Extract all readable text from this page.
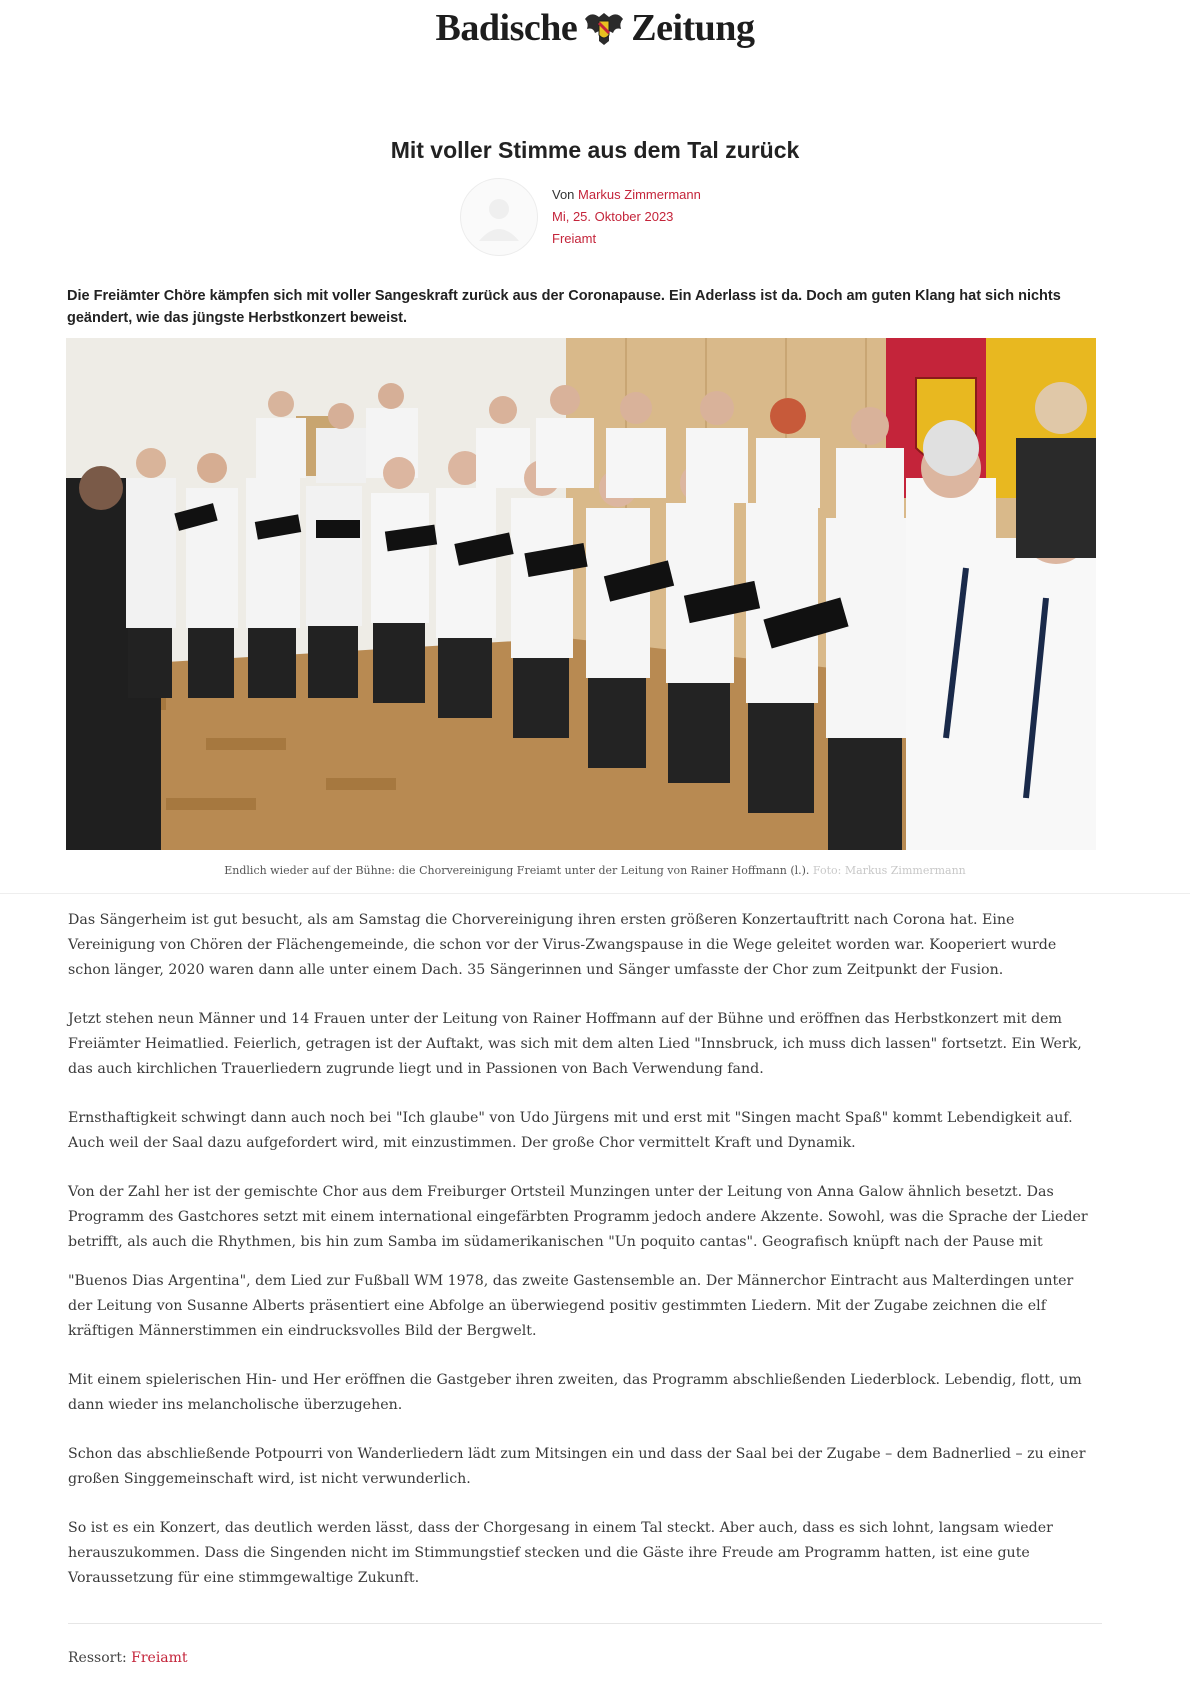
Badische Zeitung
Mit voller Stimme aus dem Tal zurück
Von Markus Zimmermann
Mi, 25. Oktober 2023
Freiamt

Die Freiämter Chöre kämpfen sich mit voller Sangeskraft zurück aus der Coronapause. Ein Aderlass ist da. Doch am guten Klang hat sich nichts geändert, wie das jüngste Herbstkonzert beweist.

Endlich wieder auf der Bühne: die Chorvereinigung Freiamt unter der Leitung von Rainer Hoffmann (l.). Foto: Markus Zimmermann

Das Sängerheim ist gut besucht, als am Samstag die Chorvereinigung ihren ersten größeren Konzertauftritt nach Corona hat. Eine Vereinigung von Chören der Flächengemeinde, die schon vor der Virus-Zwangspause in die Wege geleitet worden war. Kooperiert wurde schon länger, 2020 waren dann alle unter einem Dach. 35 Sängerinnen und Sänger umfasste der Chor zum Zeitpunkt der Fusion.

Jetzt stehen neun Männer und 14 Frauen unter der Leitung von Rainer Hoffmann auf der Bühne und eröffnen das Herbstkonzert mit dem Freiämter Heimatlied. Feierlich, getragen ist der Auftakt, was sich mit dem alten Lied "Innsbruck, ich muss dich lassen" fortsetzt. Ein Werk, das auch kirchlichen Trauerliedern zugrunde liegt und in Passionen von Bach Verwendung fand.

Ernsthaftigkeit schwingt dann auch noch bei "Ich glaube" von Udo Jürgens mit und erst mit "Singen macht Spaß" kommt Lebendigkeit auf. Auch weil der Saal dazu aufgefordert wird, mit einzustimmen. Der große Chor vermittelt Kraft und Dynamik.

Von der Zahl her ist der gemischte Chor aus dem Freiburger Ortsteil Munzingen unter der Leitung von Anna Galow ähnlich besetzt. Das Programm des Gastchores setzt mit einem international eingefärbten Programm jedoch andere Akzente. Sowohl, was die Sprache der Lieder betrifft, als auch die Rhythmen, bis hin zum Samba im südamerikanischen "Un poquito cantas". Geografisch knüpft nach der Pause mit

"Buenos Dias Argentina", dem Lied zur Fußball WM 1978, das zweite Gastensemble an. Der Männerchor Eintracht aus Malterdingen unter der Leitung von Susanne Alberts präsentiert eine Abfolge an überwiegend positiv gestimmten Liedern. Mit der Zugabe zeichnen die elf kräftigen Männerstimmen ein eindrucksvolles Bild der Bergwelt.

Mit einem spielerischen Hin- und Her eröffnen die Gastgeber ihren zweiten, das Programm abschließenden Liederblock. Lebendig, flott, um dann wieder ins melancholische überzugehen.

Schon das abschließende Potpourri von Wanderliedern lädt zum Mitsingen ein und dass der Saal bei der Zugabe – dem Badnerlied – zu einer großen Singgemeinschaft wird, ist nicht verwunderlich.

So ist es ein Konzert, das deutlich werden lässt, dass der Chorgesang in einem Tal steckt. Aber auch, dass es sich lohnt, langsam wieder herauszukommen. Dass die Singenden nicht im Stimmungstief stecken und die Gäste ihre Freude am Programm hatten, ist eine gute Voraussetzung für eine stimmgewaltige Zukunft.

Ressort: Freiamt
